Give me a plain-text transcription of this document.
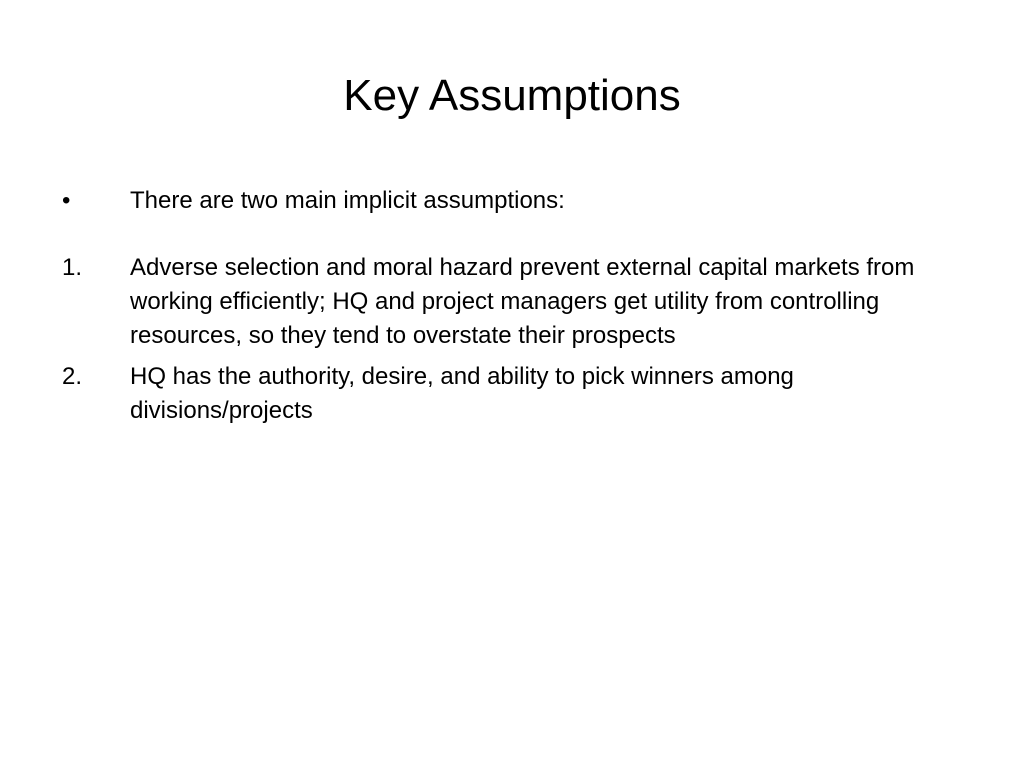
Key Assumptions
•	There are two main implicit assumptions:
1.	Adverse selection and moral hazard prevent external capital markets from working efficiently; HQ and project managers get utility from controlling resources, so they tend to overstate their prospects
2.	HQ has the authority, desire, and ability to pick winners among divisions/projects
